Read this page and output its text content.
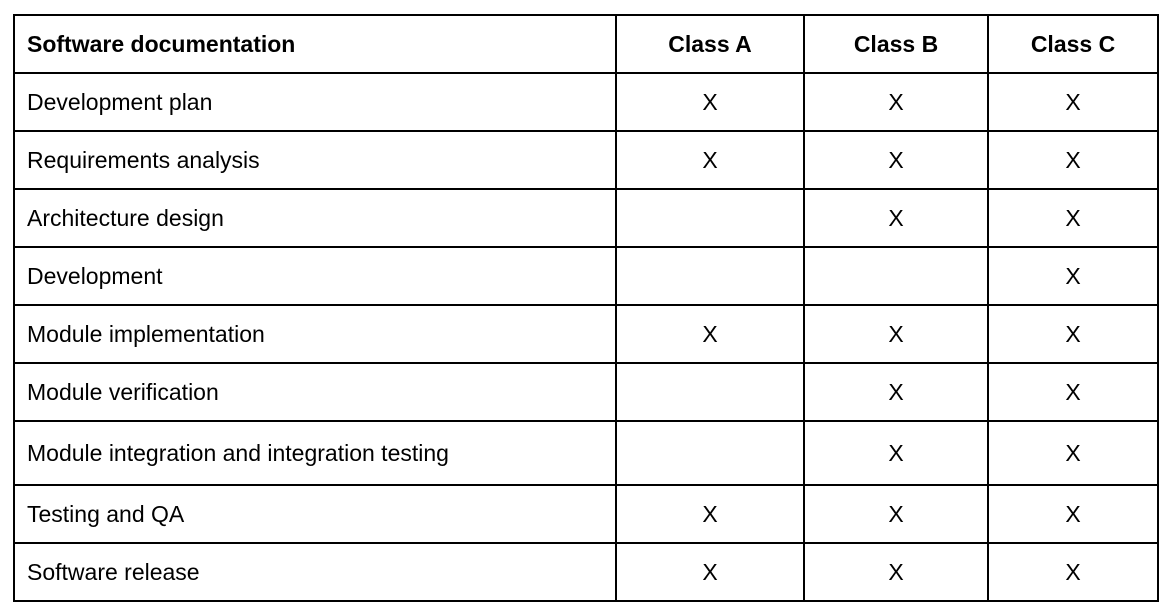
Software documentation	Class A	Class B	Class C
Development plan	X	X	X
Requirements analysis	X	X	X
Architecture design		X	X
Development			X
Module implementation	X	X	X
Module verification		X	X
Module integration and integration testing		X	X
Testing and QA	X	X	X
Software release	X	X	X
